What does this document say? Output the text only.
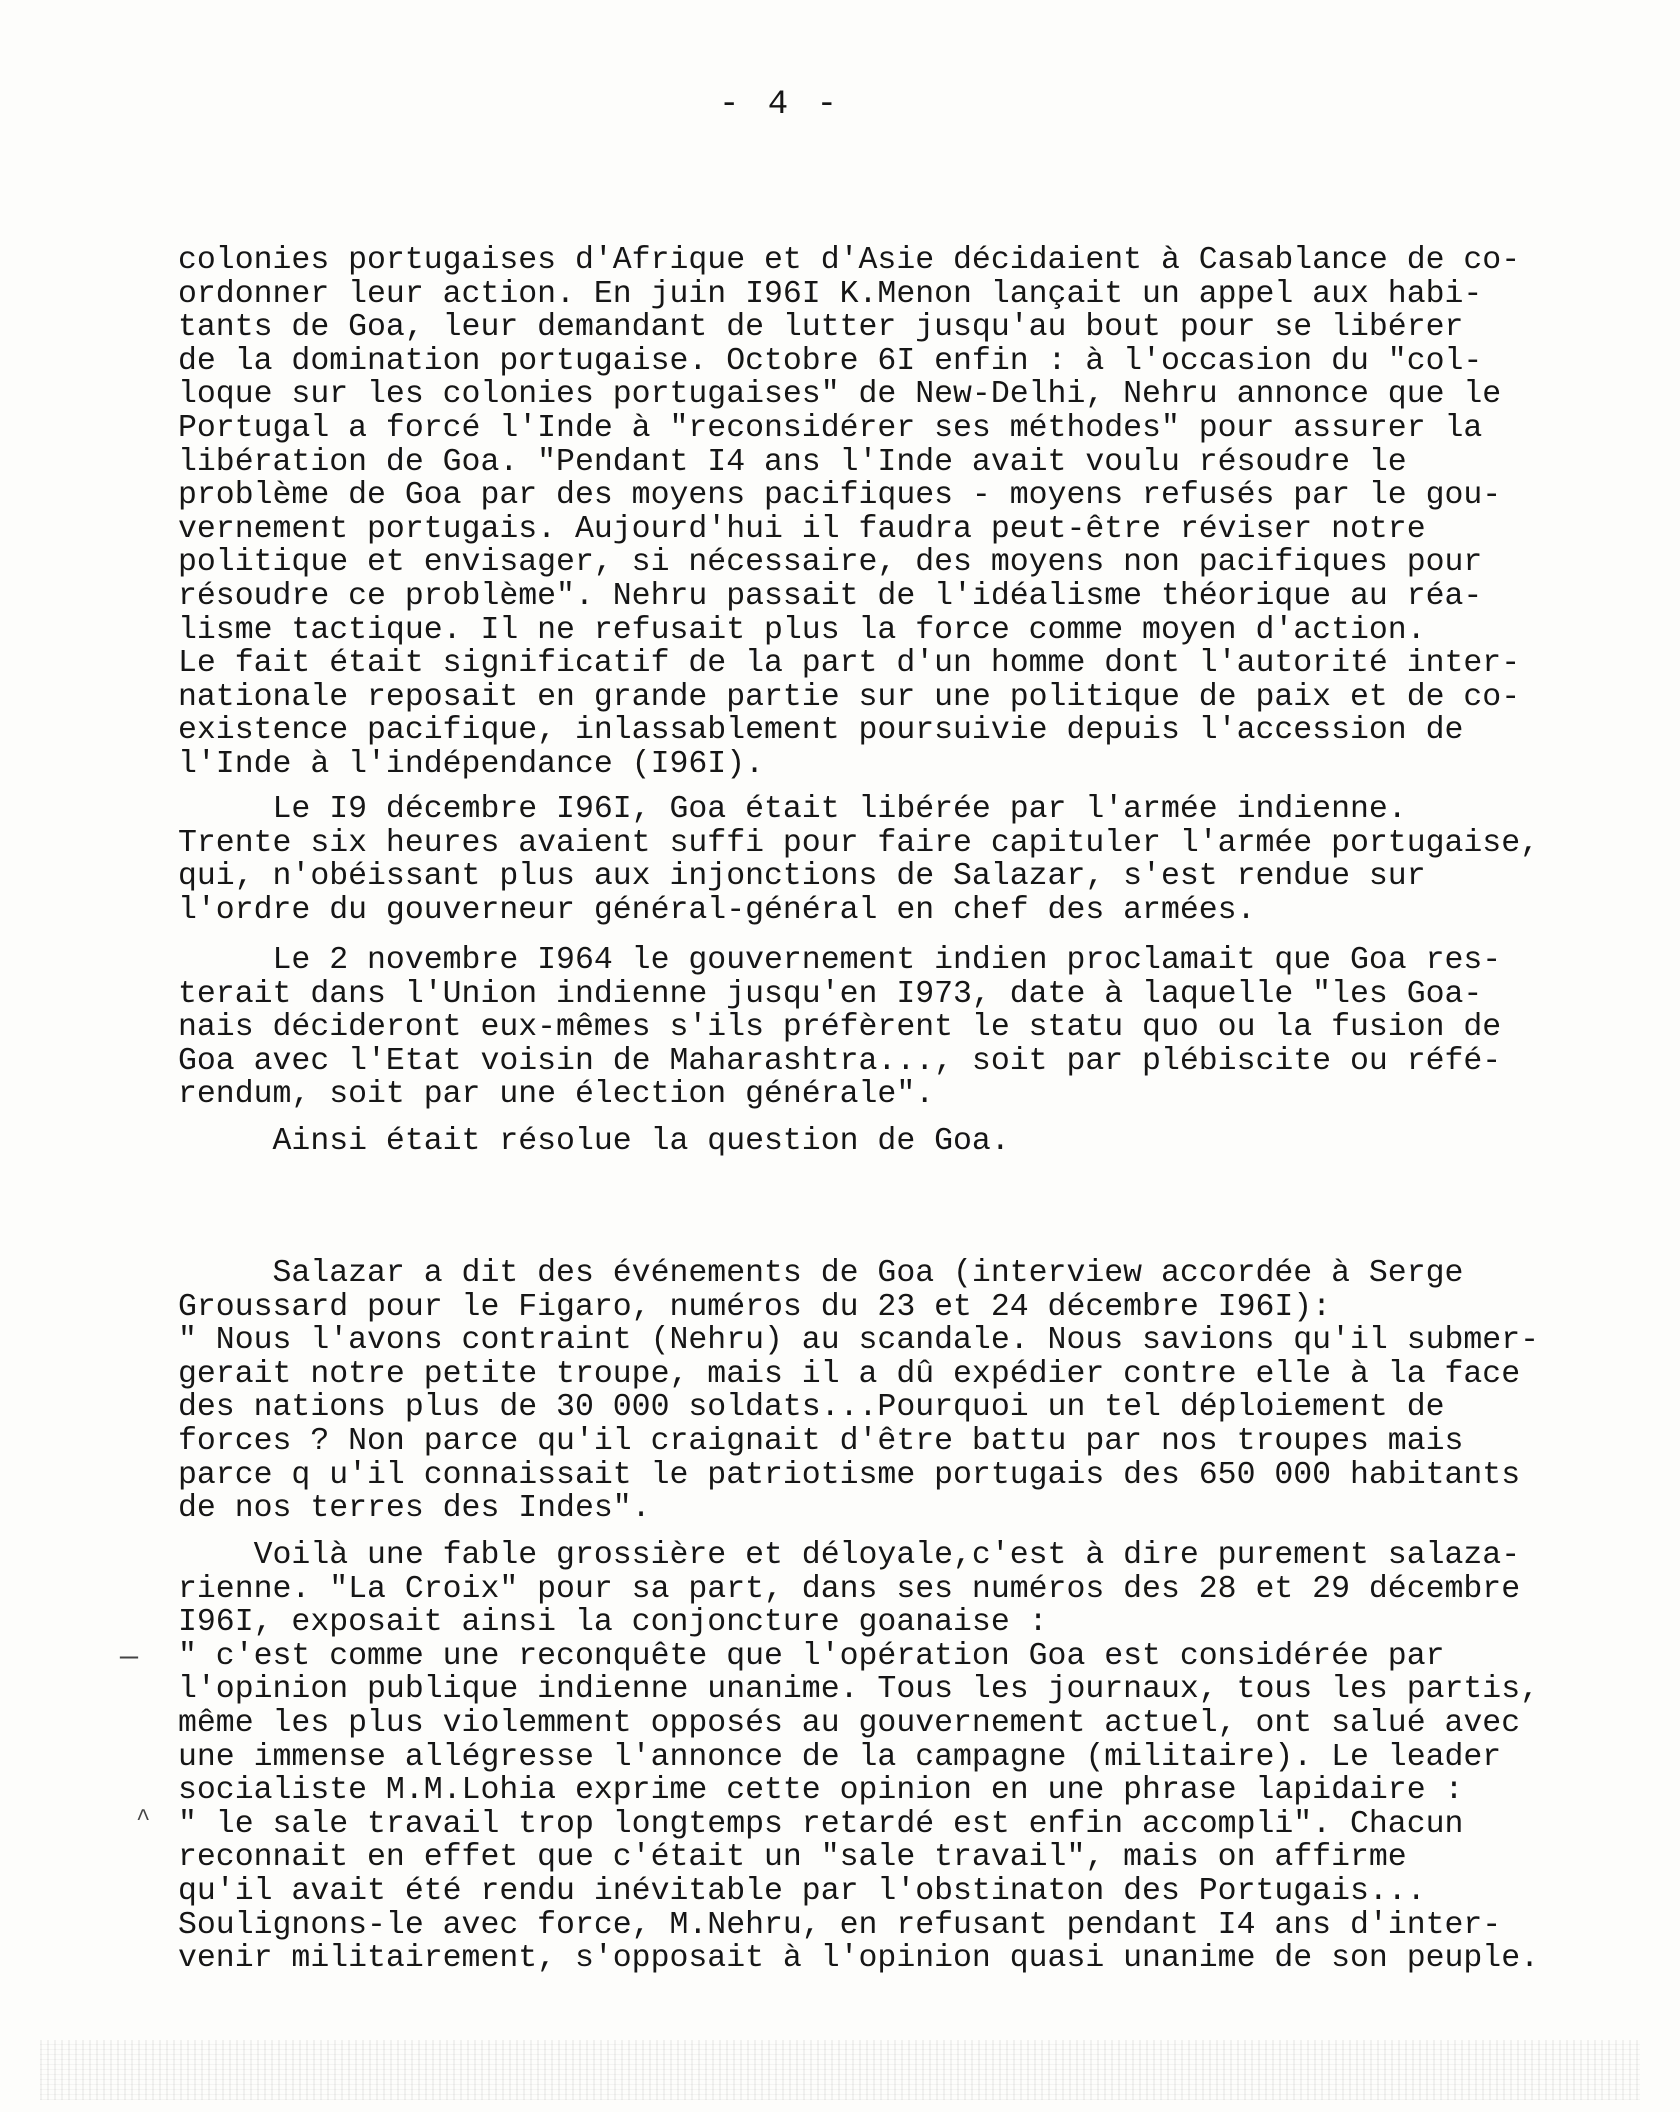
- 4 -
colonies portugaises d'Afrique et d'Asie décidaient à Casablance de co-
ordonner leur action. En juin I96I K.Menon lançait un appel aux habi-
tants de Goa, leur demandant de lutter jusqu'au bout pour se libérer
de la domination portugaise. Octobre 6I enfin : à l'occasion du "col-
loque sur les colonies portugaises" de New-Delhi, Nehru annonce que le
Portugal a forcé l'Inde à "reconsidérer ses méthodes" pour assurer la
libération de Goa. "Pendant I4 ans l'Inde avait voulu résoudre le
problème de Goa par des moyens pacifiques - moyens refusés par le gou-
vernement portugais. Aujourd'hui il faudra peut-être réviser notre
politique et envisager, si nécessaire, des moyens non pacifiques pour
résoudre ce problème". Nehru passait de l'idéalisme théorique au réa-
lisme tactique. Il ne refusait plus la force comme moyen d'action.
Le fait était significatif de la part d'un homme dont l'autorité inter-
nationale reposait en grande partie sur une politique de paix et de co-
existence pacifique, inlassablement poursuivie depuis l'accession de
l'Inde à l'indépendance (I96I).
Le I9 décembre I96I, Goa était libérée par l'armée indienne.
Trente six heures avaient suffi pour faire capituler l'armée portugaise,
qui, n'obéissant plus aux injonctions de Salazar, s'est rendue sur
l'ordre du gouverneur général-général en chef des armées.
Le 2 novembre I964 le gouvernement indien proclamait que Goa res-
terait dans l'Union indienne jusqu'en I973, date à laquelle "les Goa-
nais décideront eux-mêmes s'ils préfèrent le statu quo ou la fusion de
Goa avec l'Etat voisin de Maharashtra..., soit par plébiscite ou réfé-
rendum, soit par une élection générale".
Ainsi était résolue la question de Goa.
Salazar a dit des événements de Goa (interview accordée à Serge
Groussard pour le Figaro, numéros du 23 et 24 décembre I96I):
" Nous l'avons contraint (Nehru) au scandale. Nous savions qu'il submer-
gerait notre petite troupe, mais il a dû expédier contre elle à la face
des nations plus de 30 000 soldats...Pourquoi un tel déploiement de
forces ? Non parce qu'il craignait d'être battu par nos troupes mais
parce q u'il connaissait le patriotisme portugais des 650 000 habitants
de nos terres des Indes".
Voilà une fable grossière et déloyale,c'est à dire purement salaza-
rienne. "La Croix" pour sa part, dans ses numéros des 28 et 29 décembre
I96I, exposait ainsi la conjoncture goanaise :
" c'est comme une reconquête que l'opération Goa est considérée par
l'opinion publique indienne unanime. Tous les journaux, tous les partis,
même les plus violemment opposés au gouvernement actuel, ont salué avec
une immense allégresse l'annonce de la campagne (militaire). Le leader
socialiste M.M.Lohia exprime cette opinion en une phrase lapidaire :
" le sale travail trop longtemps retardé est enfin accompli". Chacun
reconnait en effet que c'était un "sale travail", mais on affirme
qu'il avait été rendu inévitable par l'obstinaton des Portugais...
Soulignons-le avec force, M.Nehru, en refusant pendant I4 ans d'inter-
venir militairement, s'opposait à l'opinion quasi unanime de son peuple.
—
^
